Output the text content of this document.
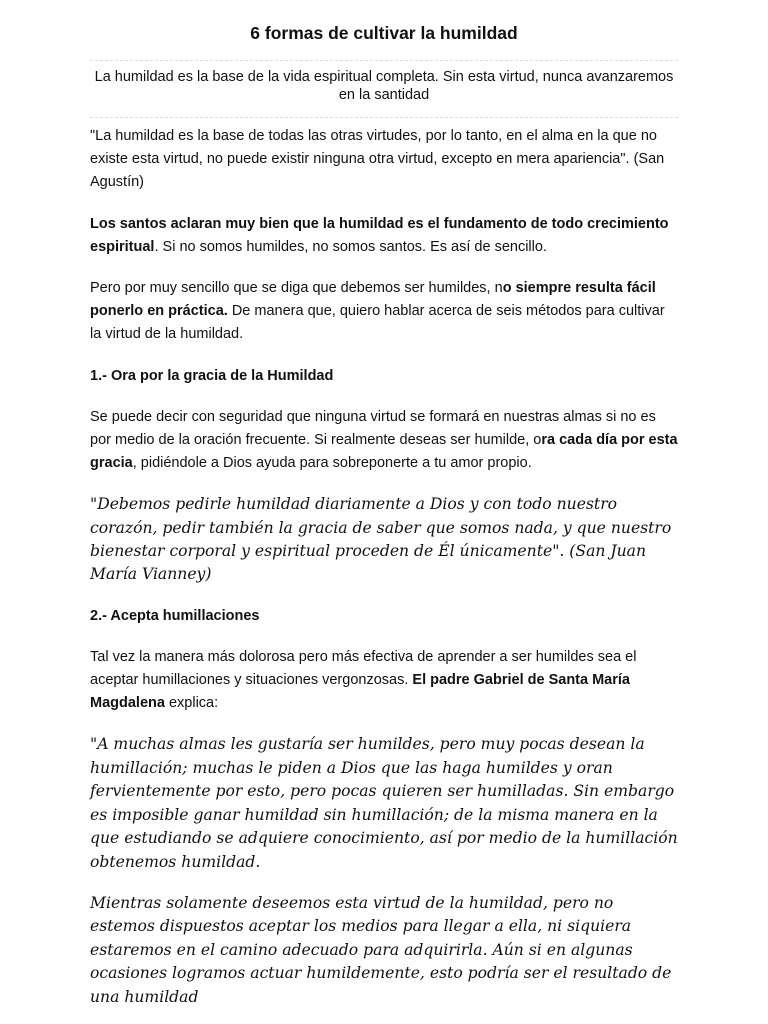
6 formas de cultivar la humildad
La humildad es la base de la vida espiritual completa. Sin esta virtud, nunca avanzaremos en la santidad

"La humildad es la base de todas las otras virtudes, por lo tanto, en el alma en la que no existe esta virtud, no puede existir ninguna otra virtud, excepto en mera apariencia". (San Agustín)

Los santos aclaran muy bien que la humildad es el fundamento de todo crecimiento espiritual. Si no somos humildes, no somos santos. Es así de sencillo.

Pero por muy sencillo que se diga que debemos ser humildes, no siempre resulta fácil ponerlo en práctica. De manera que, quiero hablar acerca de seis métodos para cultivar la virtud de la humildad.

1.- Ora por la gracia de la Humildad

Se puede decir con seguridad que ninguna virtud se formará en nuestras almas si no es por medio de la oración frecuente. Si realmente deseas ser humilde, ora cada día por esta gracia, pidiéndole a Dios ayuda para sobreponerte a tu amor propio.

"Debemos pedirle humildad diariamente a Dios y con todo nuestro corazón, pedir también la gracia de saber que somos nada, y que nuestro bienestar corporal y espiritual proceden de Él únicamente". (San Juan María Vianney)
2.- Acepta humillaciones

Tal vez la manera más dolorosa pero más efectiva de aprender a ser humildes sea el aceptar humillaciones y situaciones vergonzosas. El padre Gabriel de Santa María Magdalena explica:

"A muchas almas les gustaría ser humildes, pero muy pocas desean la humillación; muchas le piden a Dios que las haga humildes y oran fervientemente por esto, pero pocas quieren ser humilladas. Sin embargo es imposible ganar humildad sin humillación; de la misma manera en la que estudiando se adquiere conocimiento, así por medio de la humillación obtenemos humildad.
Mientras solamente deseemos esta virtud de la humildad, pero no estemos dispuestos aceptar los medios para llegar a ella, ni siquiera estaremos en el camino adecuado para adquirirla. Aún si en algunas ocasiones logramos actuar humildemente, esto podría ser el resultado de una humildad
